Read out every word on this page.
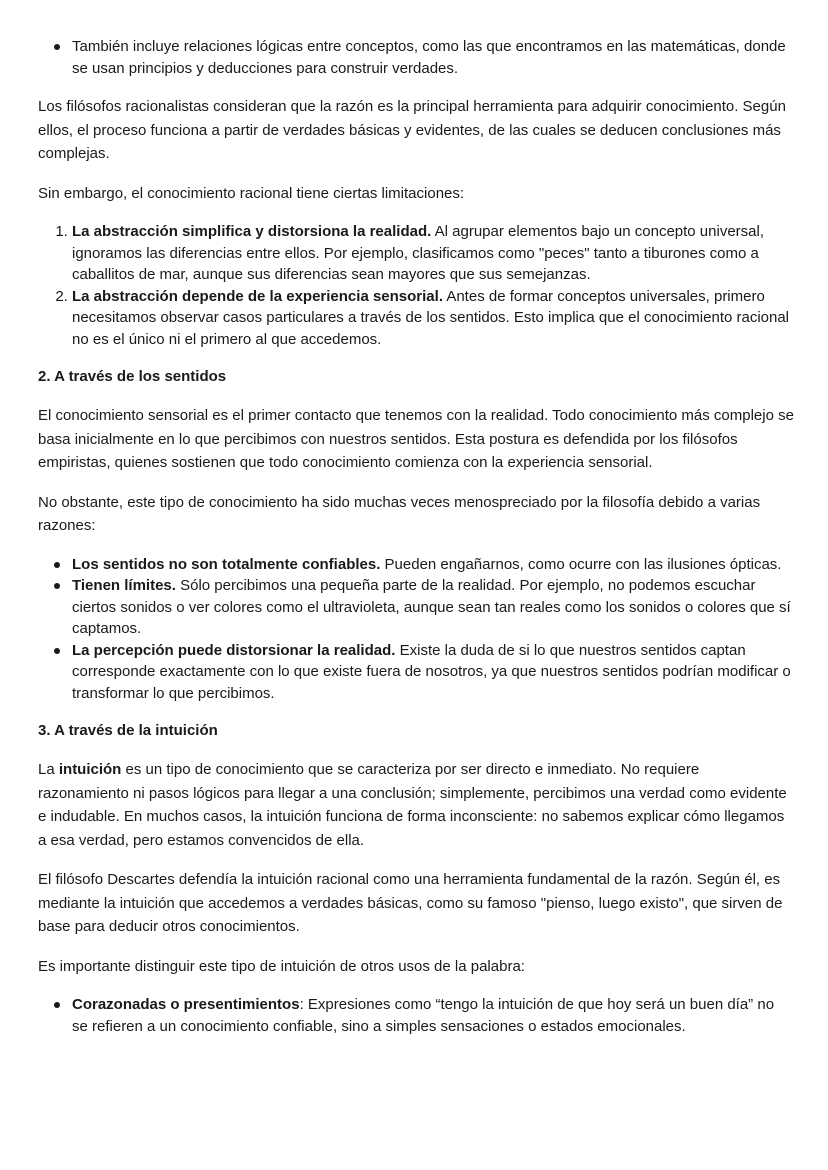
También incluye relaciones lógicas entre conceptos, como las que encontramos en las matemáticas, donde se usan principios y deducciones para construir verdades.

Los filósofos racionalistas consideran que la razón es la principal herramienta para adquirir conocimiento. Según ellos, el proceso funciona a partir de verdades básicas y evidentes, de las cuales se deducen conclusiones más complejas.

Sin embargo, el conocimiento racional tiene ciertas limitaciones:

1. La abstracción simplifica y distorsiona la realidad. Al agrupar elementos bajo un concepto universal, ignoramos las diferencias entre ellos. Por ejemplo, clasificamos como "peces" tanto a tiburones como a caballitos de mar, aunque sus diferencias sean mayores que sus semejanzas.
2. La abstracción depende de la experiencia sensorial. Antes de formar conceptos universales, primero necesitamos observar casos particulares a través de los sentidos. Esto implica que el conocimiento racional no es el único ni el primero al que accedemos.
2. A través de los sentidos

El conocimiento sensorial es el primer contacto que tenemos con la realidad. Todo conocimiento más complejo se basa inicialmente en lo que percibimos con nuestros sentidos. Esta postura es defendida por los filósofos empiristas, quienes sostienen que todo conocimiento comienza con la experiencia sensorial.

No obstante, este tipo de conocimiento ha sido muchas veces menospreciado por la filosofía debido a varias razones:

Los sentidos no son totalmente confiables. Pueden engañarnos, como ocurre con las ilusiones ópticas.
Tienen límites. Sólo percibimos una pequeña parte de la realidad. Por ejemplo, no podemos escuchar ciertos sonidos o ver colores como el ultravioleta, aunque sean tan reales como los sonidos o colores que sí captamos.
La percepción puede distorsionar la realidad. Existe la duda de si lo que nuestros sentidos captan corresponde exactamente con lo que existe fuera de nosotros, ya que nuestros sentidos podrían modificar o transformar lo que percibimos.
3. A través de la intuición

La intuición es un tipo de conocimiento que se caracteriza por ser directo e inmediato. No requiere razonamiento ni pasos lógicos para llegar a una conclusión; simplemente, percibimos una verdad como evidente e indudable. En muchos casos, la intuición funciona de forma inconsciente: no sabemos explicar cómo llegamos a esa verdad, pero estamos convencidos de ella.

El filósofo Descartes defendía la intuición racional como una herramienta fundamental de la razón. Según él, es mediante la intuición que accedemos a verdades básicas, como su famoso "pienso, luego existo", que sirven de base para deducir otros conocimientos.

Es importante distinguir este tipo de intuición de otros usos de la palabra:

Corazonadas o presentimientos: Expresiones como “tengo la intuición de que hoy será un buen día” no se refieren a un conocimiento confiable, sino a simples sensaciones o estados emocionales.
